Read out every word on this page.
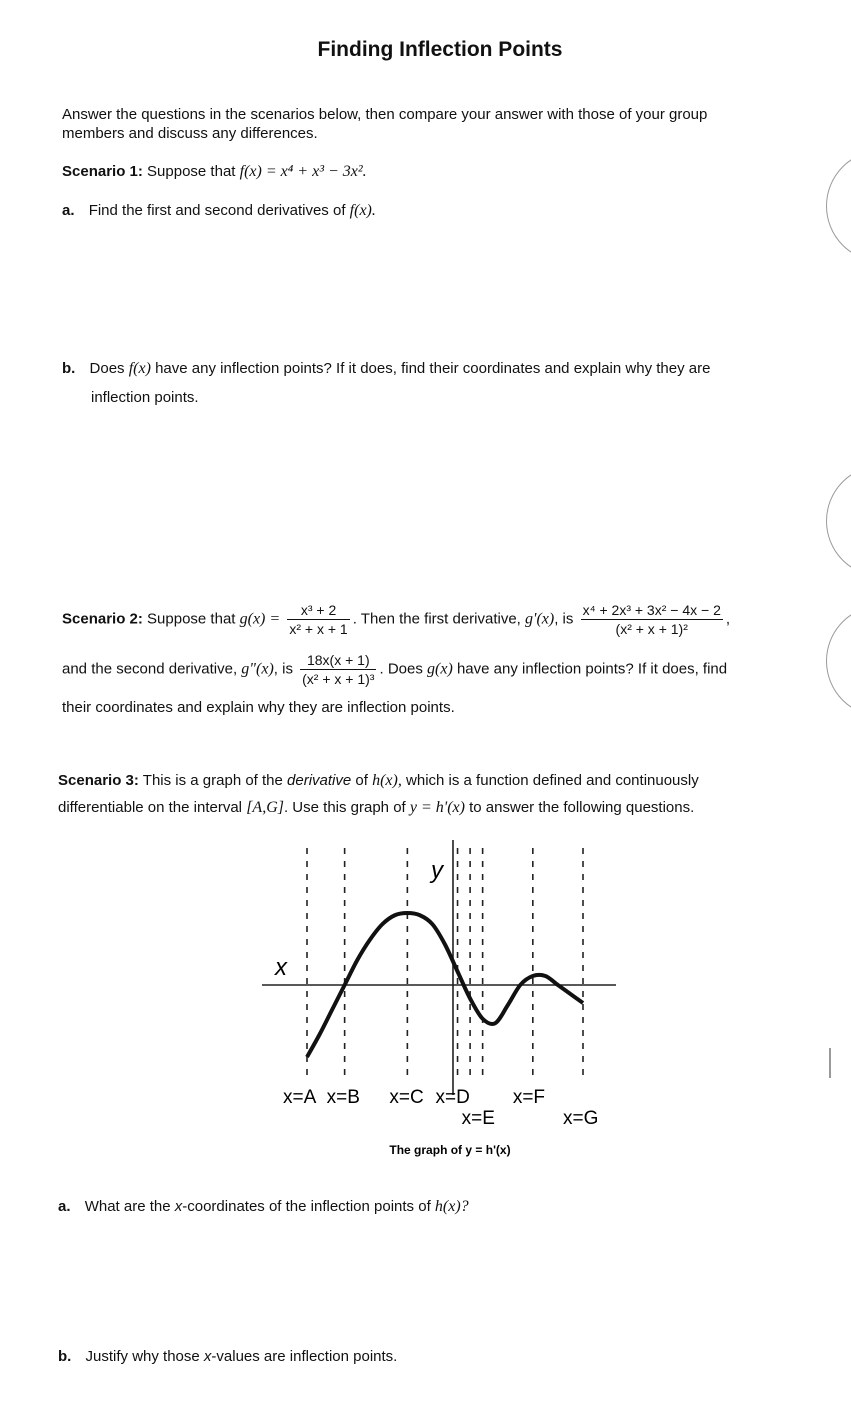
Finding Inflection Points
Answer the questions in the scenarios below, then compare your answer with those of your group
members and discuss any differences.
Scenario 1: Suppose that f(x) = x⁴ + x³ − 3x².
a. Find the first and second derivatives of f(x).
b. Does f(x) have any inflection points? If it does, find their coordinates and explain why they are
inflection points.
Scenario 2: Suppose that $g(x) = \frac{\text{x³ + 2}}{\text{x² + x + 1}}$ . Then the first derivative, g'(x), is $\frac{\text{x⁴ + 2x³ + 3x² − 4x − 2}}{\text{(x² + x + 1)²}}$ ,
and the second derivative, g"(x), is $\frac{18x(x + 1)}{\text{(x² + x + 1)³}}$ . Does g(x) have any inflection points? If it does, find
their coordinates and explain why they are inflection points.
Scenario 3: This is a graph of the derivative of h(x), which is a function defined and continuously
differentiable on the interval [A,G]. Use this graph of y = h'(x) to answer the following questions.
y
x
x=A x=B x=C x=D
x=E
x=F
x=G
The graph of y = h'(x)
a. What are the x-coordinates of the inflection points of h(x)?
b. Justify why those x-values are inflection points.
